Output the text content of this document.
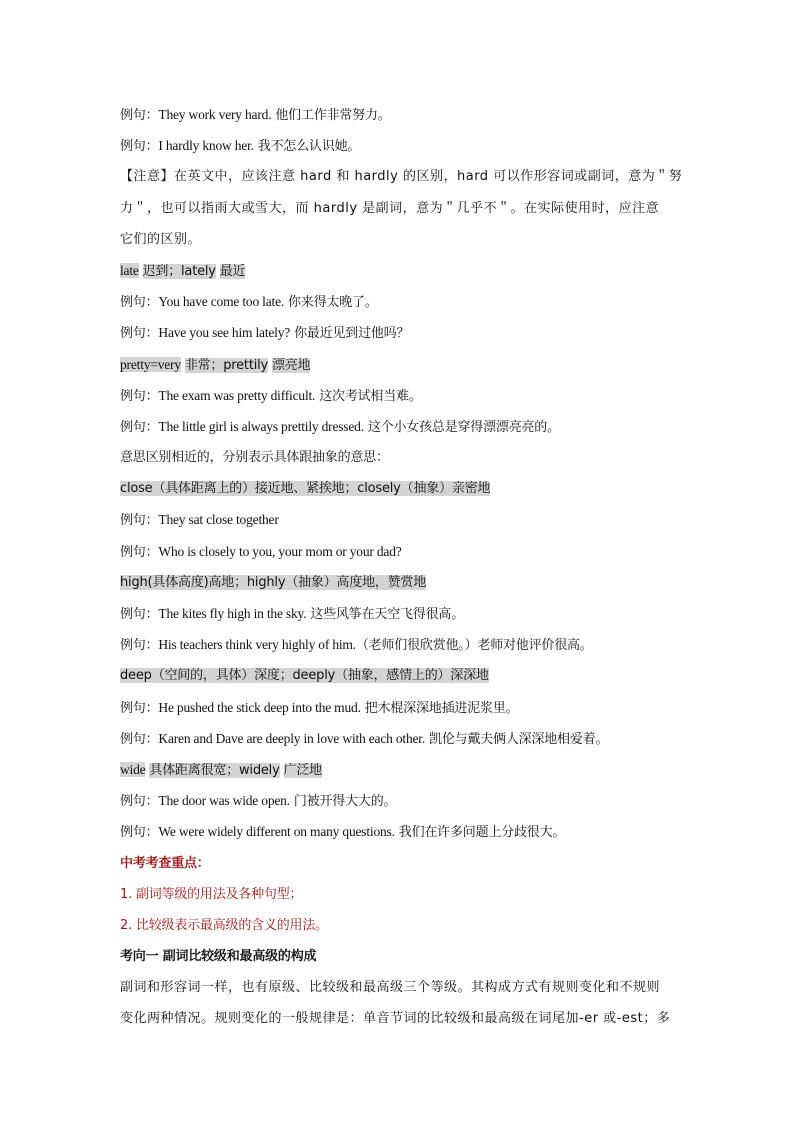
例句：They work very hard. 他们工作非常努力。
例句：I hardly know her. 我不怎么认识她。
【注意】在英文中，应该注意 hard 和 hardly 的区别，hard 可以作形容词或副词，意为＂努
力＂，也可以指雨大或雪大，而 hardly 是副词，意为＂几乎不＂。在实际使用时，应注意
它们的区别。
late 迟到；lately 最近
例句：You have come too late. 你来得太晚了。
例句：Have you see him lately? 你最近见到过他吗？
pretty=very 非常；prettily 漂亮地
例句：The exam was pretty difficult. 这次考试相当难。
例句：The little girl is always prettily dressed. 这个小女孩总是穿得漂漂亮亮的。
意思区别相近的，分别表示具体跟抽象的意思：
close（具体距离上的）接近地、紧挨地；closely（抽象）亲密地
例句：They sat close together
例句：Who is closely to you, your mom or your dad?
high(具体高度)高地；highly（抽象）高度地，赞赏地
例句：The kites fly high in the sky. 这些风筝在天空飞得很高。
例句：His teachers think very highly of him.（老师们很欣赏他。）老师对他评价很高。
deep（空间的，具体）深度；deeply（抽象，感情上的）深深地
例句：He pushed the stick deep into the mud. 把木棍深深地插进泥浆里。
例句：Karen and Dave are deeply in love with each other. 凯伦与戴夫俩人深深地相爱着。
wide 具体距离很宽；widely 广泛地
例句：The door was wide open. 门被开得大大的。
例句：We were widely different on many questions. 我们在许多问题上分歧很大。
中考考查重点：
1. 副词等级的用法及各种句型；
2. 比较级表示最高级的含义的用法。
考向一 副词比较级和最高级的构成
副词和形容词一样，也有原级、比较级和最高级三个等级。其构成方式有规则变化和不规则
变化两种情况。规则变化的一般规律是：单音节词的比较级和最高级在词尾加-er 或-est；多
